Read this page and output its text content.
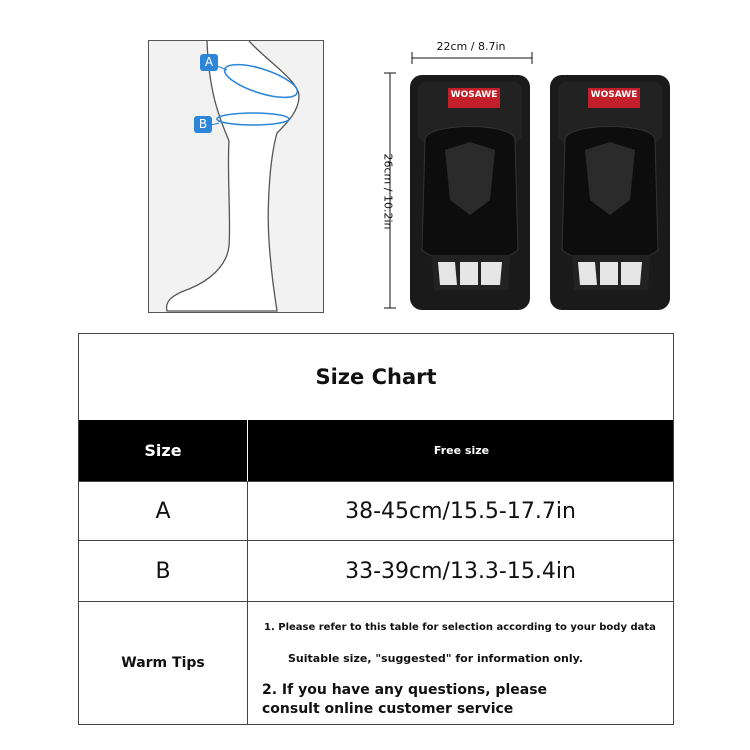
A
B
22cm / 8.7in
26cm / 10.2in
WOSAWE	WOSAWE
Size Chart
Size	Free size
A	38-45cm/15.5-17.7in
B	33-39cm/13.3-15.4in
Warm Tips
1. Please refer to this table for selection according to your body data
Suitable size, "suggested" for information only.
2. If you have any questions, please consult online customer service
